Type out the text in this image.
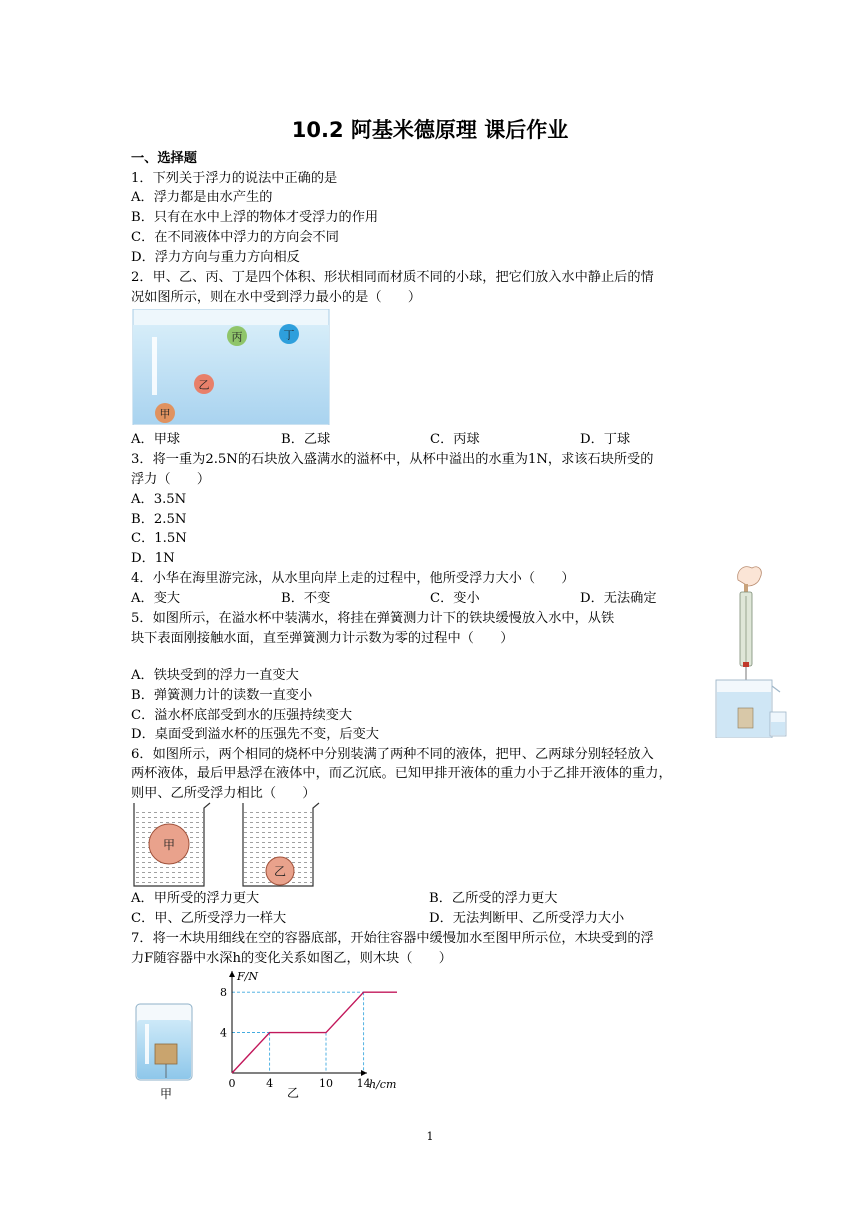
10.2 阿基米德原理 课后作业
一、选择题
1．下列关于浮力的说法中正确的是
A．浮力都是由水产生的
B．只有在水中上浮的物体才受浮力的作用
C．在不同液体中浮力的方向会不同
D．浮力方向与重力方向相反
2．甲、乙、丙、丁是四个体积、形状相同而材质不同的小球，把它们放入水中静止后的情
况如图所示，则在水中受到浮力最小的是（　　）
丙	丁
乙
甲
A．甲球	B．乙球	C．丙球	D．丁球
3．将一重为2.5N的石块放入盛满水的溢杯中，从杯中溢出的水重为1N，求该石块所受的
浮力（　　）
A．3.5N
B．2.5N
C．1.5N
D．1N
4．小华在海里游完泳，从水里向岸上走的过程中，他所受浮力大小（　　）
A．变大	B．不变	C．变小	D．无法确定
5．如图所示，在溢水杯中装满水，将挂在弹簧测力计下的铁块缓慢放入水中，从铁
块下表面刚接触水面，直至弹簧测力计示数为零的过程中（　　）
A．铁块受到的浮力一直变大
B．弹簧测力计的读数一直变小
C．溢水杯底部受到水的压强持续变大
D．桌面受到溢水杯的压强先不变，后变大
6．如图所示，两个相同的烧杯中分别装满了两种不同的液体，把甲、乙两球分别轻轻放入
两杯液体，最后甲悬浮在液体中，而乙沉底。已知甲排开液体的重力小于乙排开液体的重力，
则甲、乙所受浮力相比（　　）
甲
乙
A．甲所受的浮力更大	B．乙所受的浮力更大
C．甲、乙所受浮力一样大	D．无法判断甲、乙所受浮力大小
7．将一木块用细线在空的容器底部，开始往容器中缓慢加水至图甲所示位，木块受到的浮
力F随容器中水深h的变化关系如图乙，则木块（　　）
甲
0	4	10 14
4
8
h/cm
F/N
乙
1
